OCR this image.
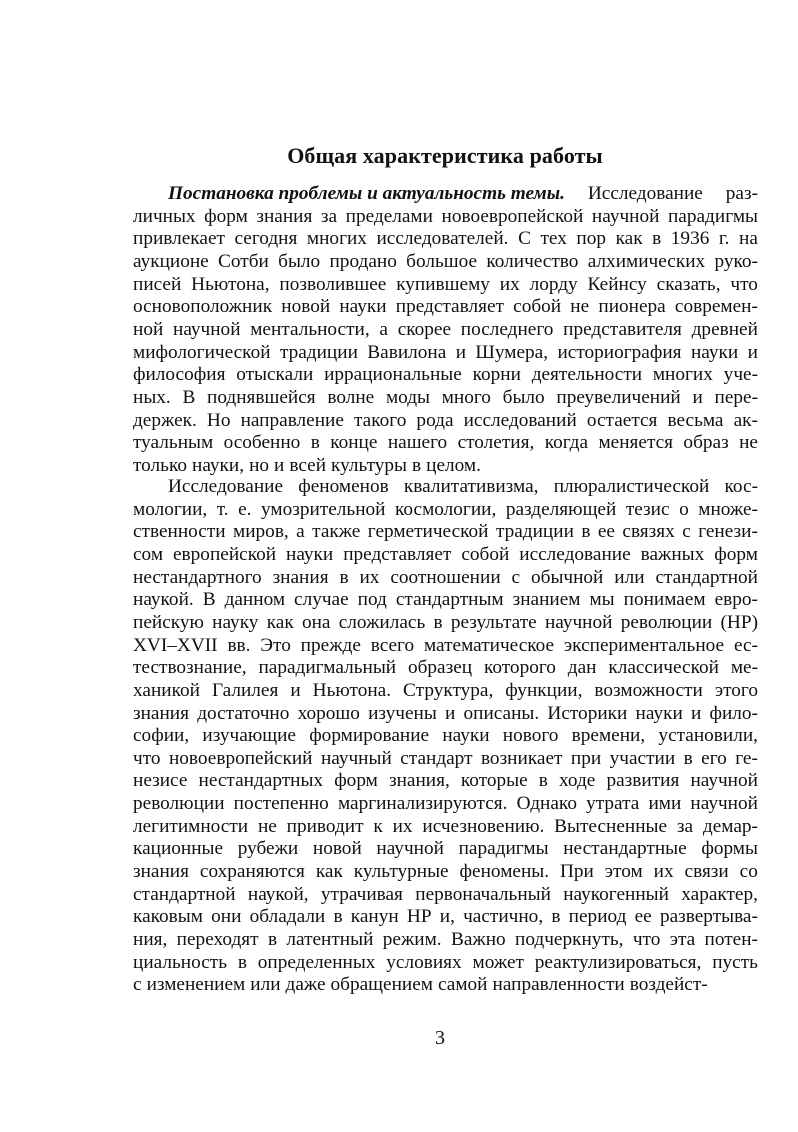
Общая характеристика работы
Постановка проблемы и актуальность темы. Исследование раз-
личных форм знания за пределами новоевропейской научной парадигмы
привлекает сегодня многих исследователей. С тех пор как в 1936 г. на
аукционе Сотби было продано большое количество алхимических руко-
писей Ньютона, позволившее купившему их лорду Кейнсу сказать, что
основоположник новой науки представляет собой не пионера современ-
ной научной ментальности, а скорее последнего представителя древней
мифологической традиции Вавилона и Шумера, историография науки и
философия отыскали иррациональные корни деятельности многих уче-
ных. В поднявшейся волне моды много было преувеличений и пере-
держек. Но направление такого рода исследований остается весьма ак-
туальным особенно в конце нашего столетия, когда меняется образ не
только науки, но и всей культуры в целом.
Исследование феноменов квалитативизма, плюралистической кос-
мологии, т. е. умозрительной космологии, разделяющей тезис о множе-
ственности миров, а также герметической традиции в ее связях с генези-
сом европейской науки представляет собой исследование важных форм
нестандартного знания в их соотношении с обычной или стандартной
наукой. В данном случае под стандартным знанием мы понимаем евро-
пейскую науку как она сложилась в результате научной революции (НР)
XVI–XVII вв. Это прежде всего математическое экспериментальное ес-
тествознание, парадигмальный образец которого дан классической ме-
ханикой Галилея и Ньютона. Структура, функции, возможности этого
знания достаточно хорошо изучены и описаны. Историки науки и фило-
софии, изучающие формирование науки нового времени, установили,
что новоевропейский научный стандарт возникает при участии в его ге-
незисе нестандартных форм знания, которые в ходе развития научной
революции постепенно маргинализируются. Однако утрата ими научной
легитимности не приводит к их исчезновению. Вытесненные за демар-
кационные рубежи новой научной парадигмы нестандартные формы
знания сохраняются как культурные феномены. При этом их связи со
стандартной наукой, утрачивая первоначальный наукогенный характер,
каковым они обладали в канун НР и, частично, в период ее развертыва-
ния, переходят в латентный режим. Важно подчеркнуть, что эта потен-
циальность в определенных условиях может реактулизироваться, пусть
с изменением или даже обращением самой направленности воздейст-
3
